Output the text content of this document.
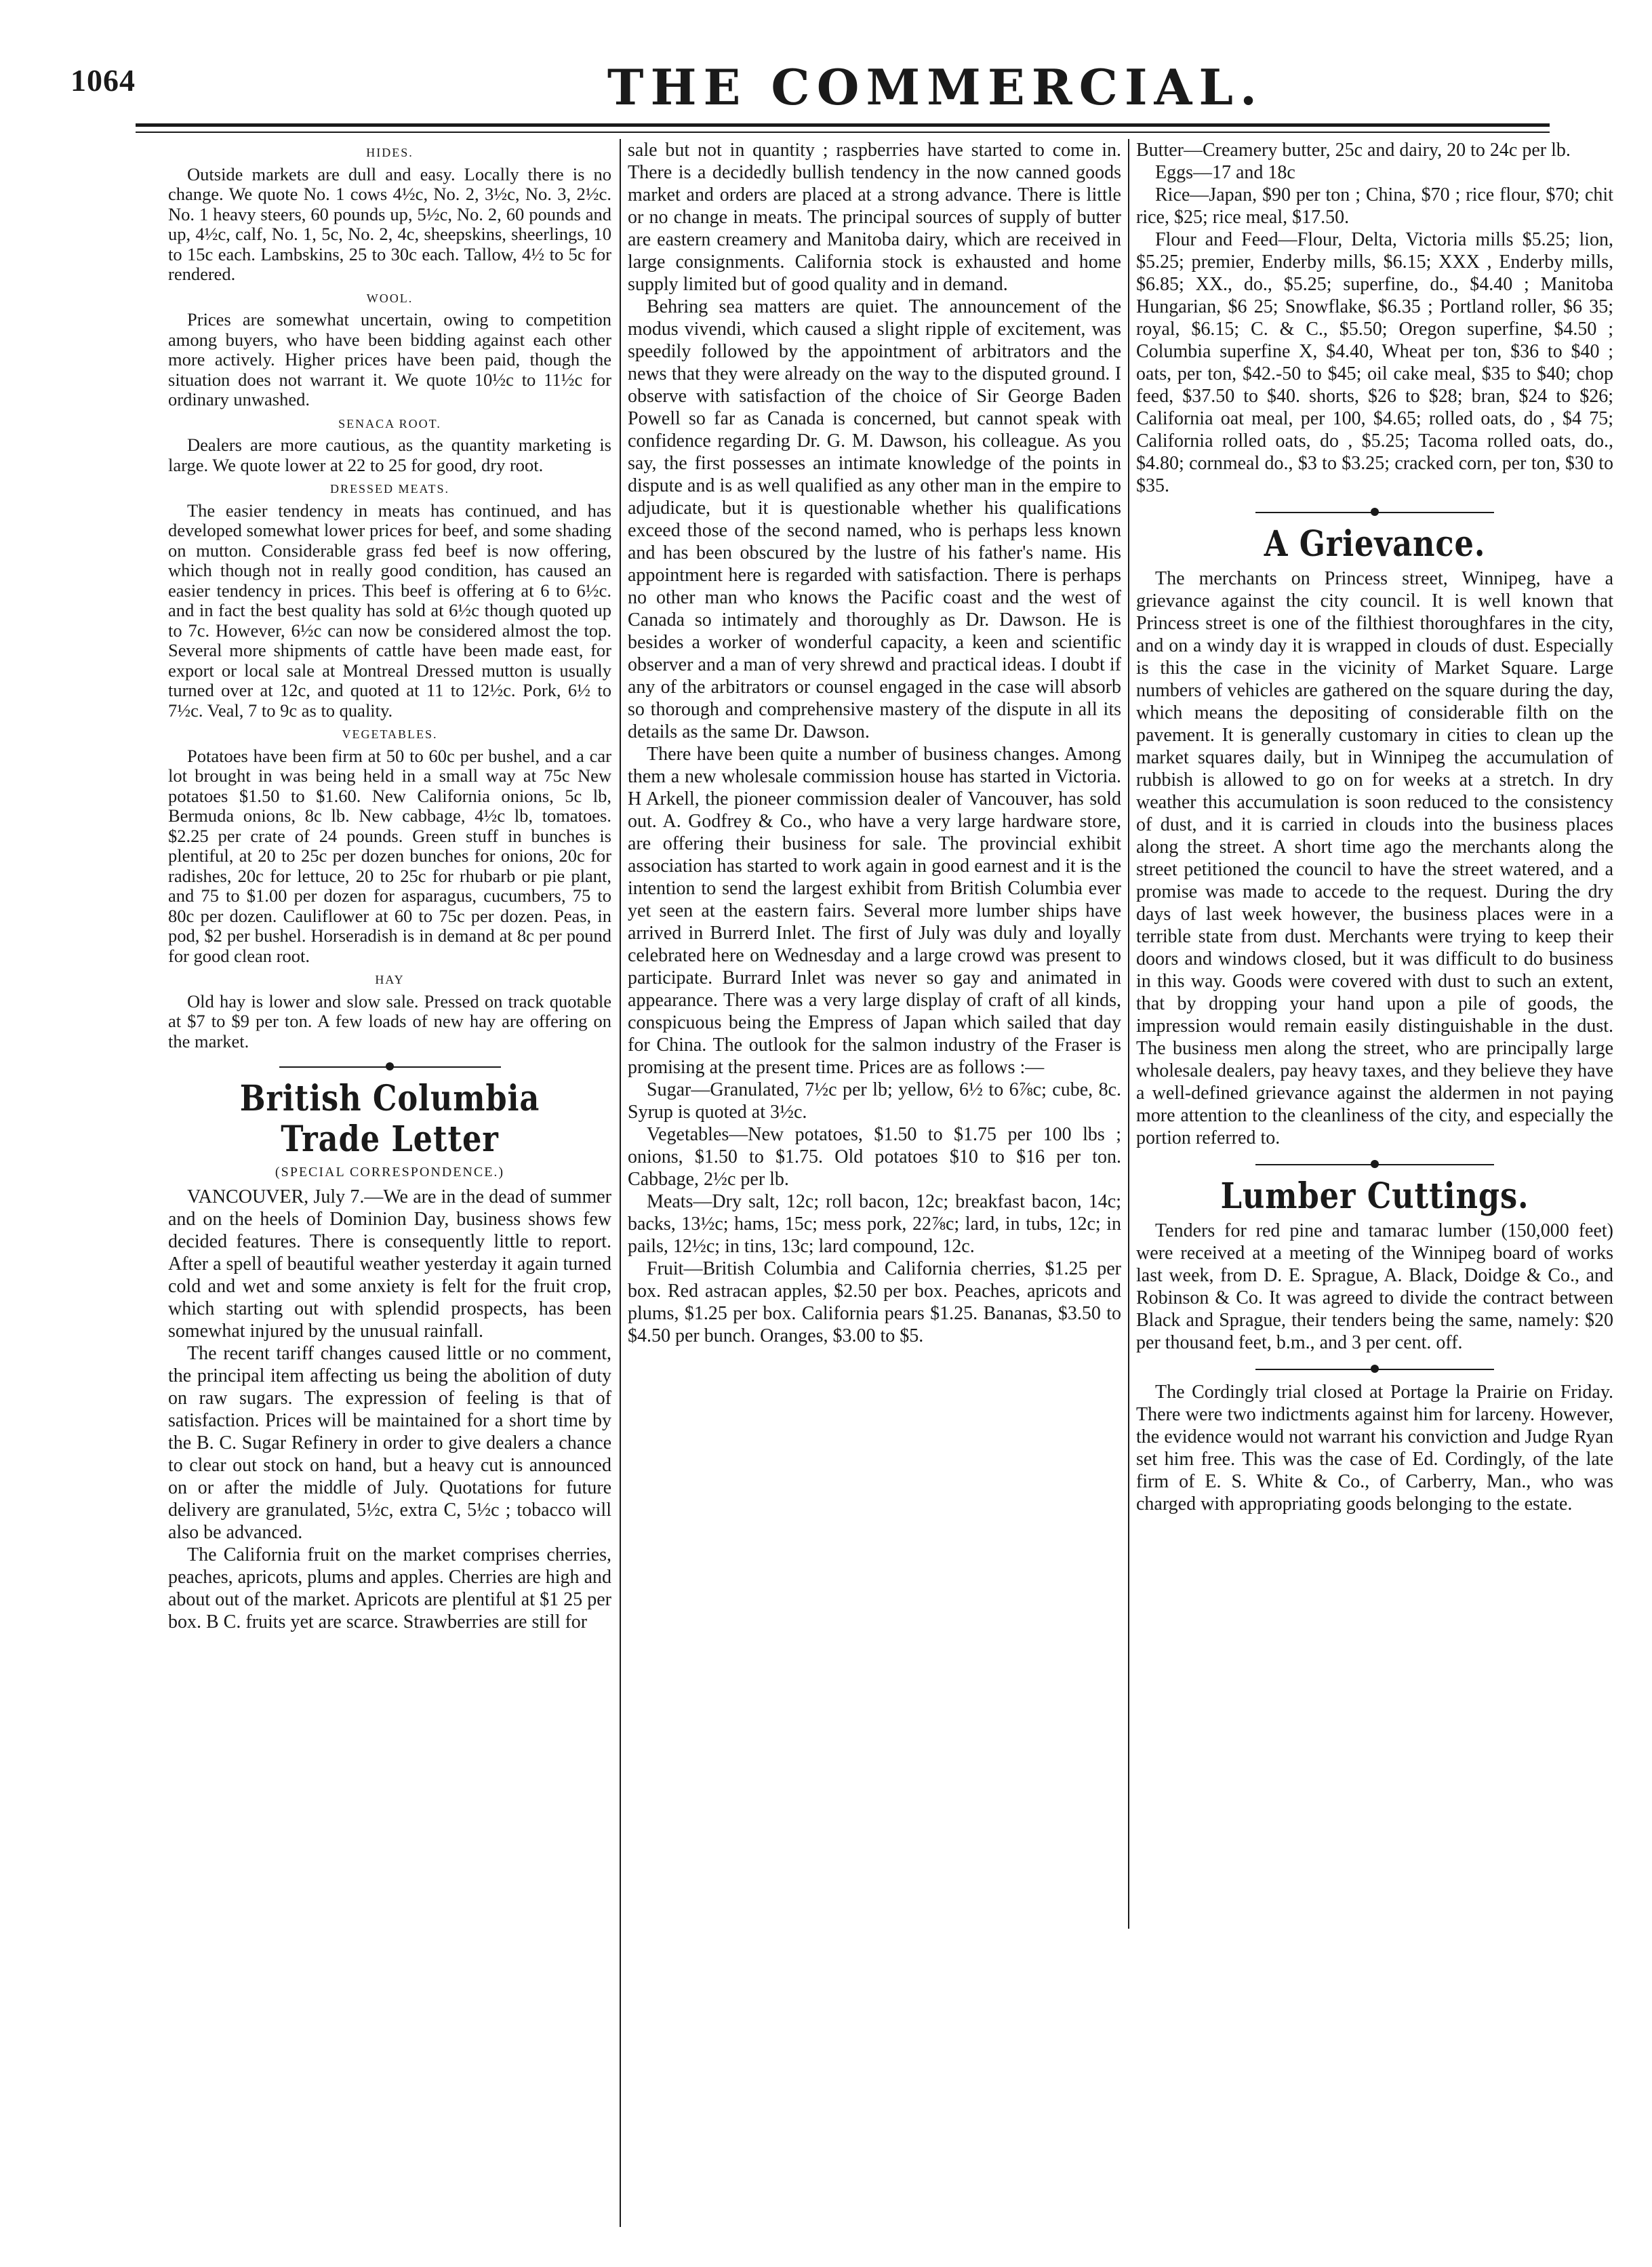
1064	THE COMMERCIAL.
HIDES.

Outside markets are dull and easy. Locally there is no change. We quote No. 1 cows 4½c, No. 2, 3½c, No. 3, 2½c. No. 1 heavy steers, 60 pounds up, 5½c, No. 2, 60 pounds and up, 4½c, calf, No. 1, 5c, No. 2, 4c, sheepskins, sheerlings, 10 to 15c each. Lambskins, 25 to 30c each. Tallow, 4½ to 5c for rendered.

WOOL.

Prices are somewhat uncertain, owing to competition among buyers, who have been bidding against each other more actively. Higher prices have been paid, though the situation does not warrant it. We quote 10½c to 11½c for ordinary unwashed.

SENACA ROOT.

Dealers are more cautious, as the quantity marketing is large. We quote lower at 22 to 25 for good, dry root.

DRESSED MEATS.

The easier tendency in meats has continued, and has developed somewhat lower prices for beef, and some shading on mutton. Considerable grass fed beef is now offering, which though not in really good condition, has caused an easier tendency in prices. This beef is offering at 6 to 6½c. and in fact the best quality has sold at 6½c though quoted up to 7c. However, 6½c can now be considered almost the top. Several more shipments of cattle have been made east, for export or local sale at Montreal Dressed mutton is usually turned over at 12c, and quoted at 11 to 12½c. Pork, 6½ to 7½c. Veal, 7 to 9c as to quality.

VEGETABLES.

Potatoes have been firm at 50 to 60c per bushel, and a car lot brought in was being held in a small way at 75c New potatoes $1.50 to $1.60. New California onions, 5c lb, Bermuda onions, 8c lb. New cabbage, 4½c lb, tomatoes. $2.25 per crate of 24 pounds. Green stuff in bunches is plentiful, at 20 to 25c per dozen bunches for onions, 20c for radishes, 20c for lettuce, 20 to 25c for rhubarb or pie plant, and 75 to $1.00 per dozen for asparagus, cucumbers, 75 to 80c per dozen. Cauliflower at 60 to 75c per dozen. Peas, in pod, $2 per bushel. Horseradish is in demand at 8c per pound for good clean root.

HAY

Old hay is lower and slow sale. Pressed on track quotable at $7 to $9 per ton. A few loads of new hay are offering on the market.

British Columbia Trade Letter
(SPECIAL CORRESPONDENCE.)

VANCOUVER, July 7.—We are in the dead of summer and on the heels of Dominion Day, business shows few decided features. There is consequently little to report. After a spell of beautiful weather yesterday it again turned cold and wet and some anxiety is felt for the fruit crop, which starting out with splendid prospects, has been somewhat injured by the unusual rainfall.

The recent tariff changes caused little or no comment, the principal item affecting us being the abolition of duty on raw sugars. The expression of feeling is that of satisfaction. Prices will be maintained for a short time by the B. C. Sugar Refinery in order to give dealers a chance to clear out stock on hand, but a heavy cut is announced on or after the middle of July. Quotations for future delivery are granulated, 5½c, extra C, 5½c ; tobacco will also be advanced.

The California fruit on the market comprises cherries, peaches, apricots, plums and apples. Cherries are high and about out of the market. Apricots are plentiful at $1 25 per box. B C. fruits yet are scarce. Strawberries are still for

sale but not in quantity ; raspberries have started to come in. There is a decidedly bullish tendency in the now canned goods market and orders are placed at a strong advance. There is little or no change in meats. The principal sources of supply of butter are eastern creamery and Manitoba dairy, which are received in large consignments. California stock is exhausted and home supply limited but of good quality and in demand.

Behring sea matters are quiet. The announcement of the modus vivendi, which caused a slight ripple of excitement, was speedily followed by the appointment of arbitrators and the news that they were already on the way to the disputed ground. I observe with satisfaction of the choice of Sir George Baden Powell so far as Canada is concerned, but cannot speak with confidence regarding Dr. G. M. Dawson, his colleague. As you say, the first possesses an intimate knowledge of the points in dispute and is as well qualified as any other man in the empire to adjudicate, but it is questionable whether his qualifications exceed those of the second named, who is perhaps less known and has been obscured by the lustre of his father's name. His appointment here is regarded with satisfaction. There is perhaps no other man who knows the Pacific coast and the west of Canada so intimately and thoroughly as Dr. Dawson. He is besides a worker of wonderful capacity, a keen and scientific observer and a man of very shrewd and practical ideas. I doubt if any of the arbitrators or counsel engaged in the case will absorb so thorough and comprehensive mastery of the dispute in all its details as the same Dr. Dawson.

There have been quite a number of business changes. Among them a new wholesale commission house has started in Victoria. H Arkell, the pioneer commission dealer of Vancouver, has sold out. A. Godfrey & Co., who have a very large hardware store, are offering their business for sale. The provincial exhibit association has started to work again in good earnest and it is the intention to send the largest exhibit from British Columbia ever yet seen at the eastern fairs. Several more lumber ships have arrived in Burrerd Inlet. The first of July was duly and loyally celebrated here on Wednesday and a large crowd was present to participate. Burrard Inlet was never so gay and animated in appearance. There was a very large display of craft of all kinds, conspicuous being the Empress of Japan which sailed that day for China. The outlook for the salmon industry of the Fraser is promising at the present time. Prices are as follows :—

Sugar—Granulated, 7½c per lb; yellow, 6½ to 6⅞c; cube, 8c. Syrup is quoted at 3½c.

Vegetables—New potatoes, $1.50 to $1.75 per 100 lbs ; onions, $1.50 to $1.75. Old potatoes $10 to $16 per ton. Cabbage, 2½c per lb.

Meats—Dry salt, 12c; roll bacon, 12c; breakfast bacon, 14c; backs, 13½c; hams, 15c; mess pork, 22⅞c; lard, in tubs, 12c; in pails, 12½c; in tins, 13c; lard compound, 12c.

Fruit—British Columbia and California cherries, $1.25 per box. Red astracan apples, $2.50 per box. Peaches, apricots and plums, $1.25 per box. California pears $1.25. Bananas, $3.50 to $4.50 per bunch. Oranges, $3.00 to $5.

Butter—Creamery butter, 25c and dairy, 20 to 24c per lb.

Eggs—17 and 18c

Rice—Japan, $90 per ton ; China, $70 ; rice flour, $70; chit rice, $25; rice meal, $17.50.

Flour and Feed—Flour, Delta, Victoria mills $5.25; lion, $5.25; premier, Enderby mills, $6.15; XXX , Enderby mills, $6.85; XX., do., $5.25; superfine, do., $4.40 ; Manitoba Hungarian, $6 25; Snowflake, $6.35 ; Portland roller, $6 35; royal, $6.15; C. & C., $5.50; Oregon superfine, $4.50 ; Columbia superfine X, $4.40, Wheat per ton, $36 to $40 ; oats, per ton, $42.-50 to $45; oil cake meal, $35 to $40; chop feed, $37.50 to $40. shorts, $26 to $28; bran, $24 to $26; California oat meal, per 100, $4.65; rolled oats, do , $4 75; California rolled oats, do , $5.25; Tacoma rolled oats, do., $4.80; cornmeal do., $3 to $3.25; cracked corn, per ton, $30 to $35.

A Grievance.

The merchants on Princess street, Winnipeg, have a grievance against the city council. It is well known that Princess street is one of the filthiest thoroughfares in the city, and on a windy day it is wrapped in clouds of dust. Especially is this the case in the vicinity of Market Square. Large numbers of vehicles are gathered on the square during the day, which means the depositing of considerable filth on the pavement. It is generally customary in cities to clean up the market squares daily, but in Winnipeg the accumulation of rubbish is allowed to go on for weeks at a stretch. In dry weather this accumulation is soon reduced to the consistency of dust, and it is carried in clouds into the business places along the street. A short time ago the merchants along the street petitioned the council to have the street watered, and a promise was made to accede to the request. During the dry days of last week however, the business places were in a terrible state from dust. Merchants were trying to keep their doors and windows closed, but it was difficult to do business in this way. Goods were covered with dust to such an extent, that by dropping your hand upon a pile of goods, the impression would remain easily distinguishable in the dust. The business men along the street, who are principally large wholesale dealers, pay heavy taxes, and they believe they have a well-defined grievance against the aldermen in not paying more attention to the cleanliness of the city, and especially the portion referred to.

Lumber Cuttings.

Tenders for red pine and tamarac lumber (150,000 feet) were received at a meeting of the Winnipeg board of works last week, from D. E. Sprague, A. Black, Doidge & Co., and Robinson & Co. It was agreed to divide the contract between Black and Sprague, their tenders being the same, namely: $20 per thousand feet, b.m., and 3 per cent. off.

The Cordingly trial closed at Portage la Prairie on Friday. There were two indictments against him for larceny. However, the evidence would not warrant his conviction and Judge Ryan set him free. This was the case of Ed. Cordingly, of the late firm of E. S. White & Co., of Carberry, Man., who was charged with appropriating goods belonging to the estate.
